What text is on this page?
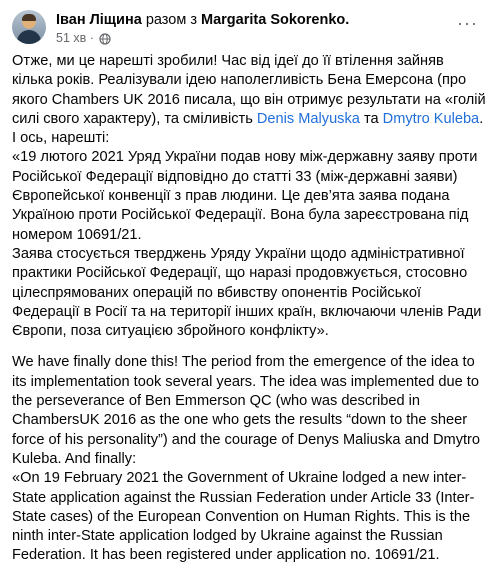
Іван Ліщина разом з Margarita Sokorenko.
51 хв ·
···

Отже, ми це нарешті зробили! Час від ідеї до її втілення зайняв кілька років. Реалізували ідею наполегливість Бена Емерсона (про якого Chambers UK 2016 писала, що він отримує результати на «голій силі свого характеру), та сміливість Denis Malyuska та Dmytro Kuleba. І ось, нарешті:

«19 лютого 2021 Уряд України подав нову між-державну заяву проти Російської Федерації відповідно до статті 33 (між-державні заяви) Європейської конвенції з прав людини. Це дев’ята заява подана Україною проти Російської Федерації. Вона була зареєстрована під номером 10691/21.

Заява стосується тверджень Уряду України щодо адміністративної практики Російської Федерації, що наразі продовжується, стосовно цілеспрямованих операцій по вбивству опонентів Російської Федерації в Росії та на території інших країн, включаючи членів Ради Європи, поза ситуацією збройного конфлікту».

We have finally done this! The period from the emergence of the idea to its implementation took several years. The idea was implemented due to the perseverance of Ben Emmerson QC (who was described in ChambersUK 2016 as the one who gets the results “down to the sheer force of his personality”) and the courage of Denys Maliuska and Dmytro Kuleba. And finally:

«On 19 February 2021 the Government of Ukraine lodged a new inter-State application against the Russian Federation under Article 33 (Inter-State cases) of the European Convention on Human Rights. This is the ninth inter-State application lodged by Ukraine against the Russian Federation. It has been registered under application no. 10691/21.
